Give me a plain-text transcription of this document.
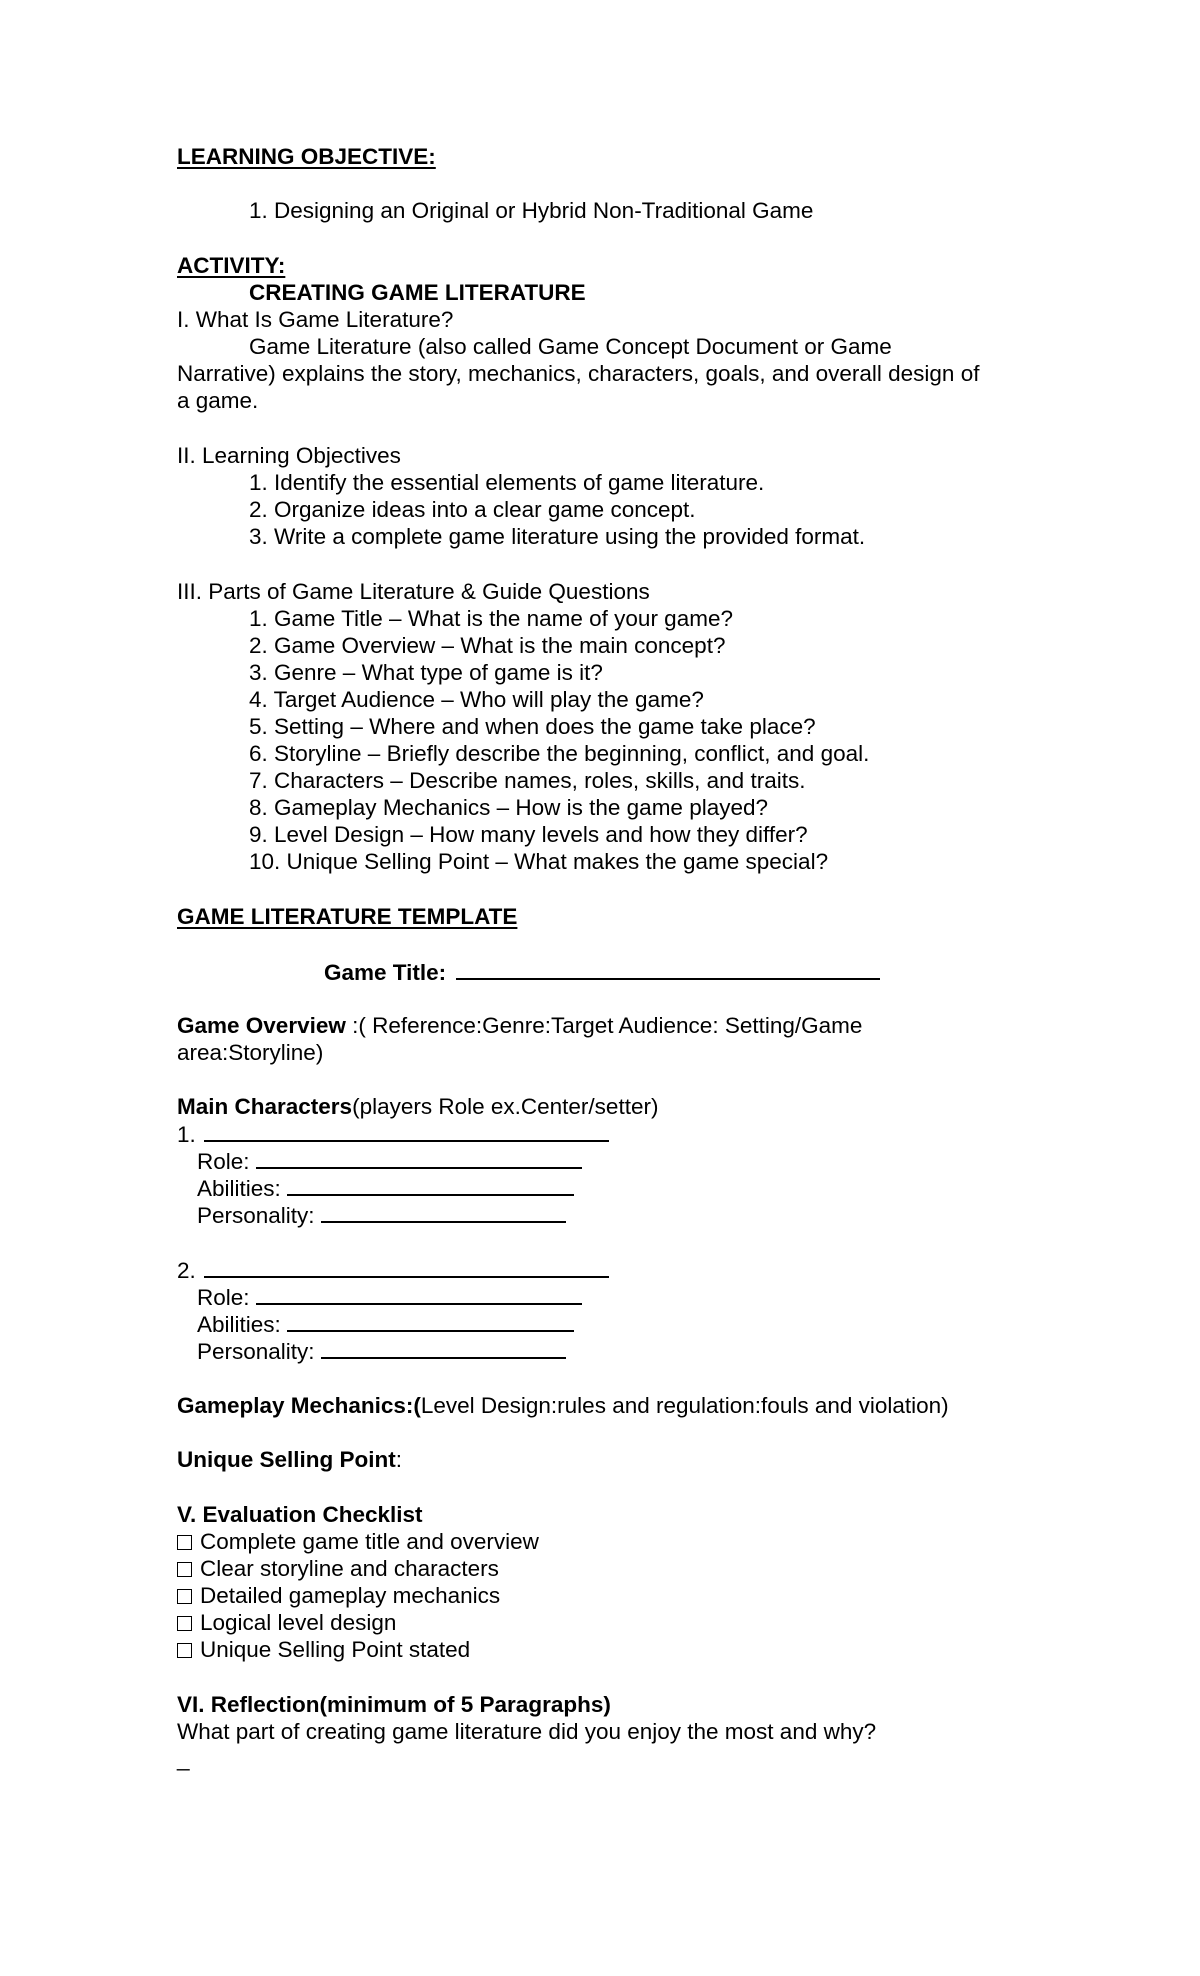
LEARNING OBJECTIVE:
1. Designing an Original or Hybrid Non-Traditional Game
ACTIVITY:
CREATING GAME LITERATURE
I. What Is Game Literature?
Game Literature (also called Game Concept Document or Game
Narrative) explains the story, mechanics, characters, goals, and overall design of
a game.
II. Learning Objectives
1. Identify the essential elements of game literature.
2. Organize ideas into a clear game concept.
3. Write a complete game literature using the provided format.
III. Parts of Game Literature & Guide Questions
1. Game Title – What is the name of your game?
2. Game Overview – What is the main concept?
3. Genre – What type of game is it?
4. Target Audience – Who will play the game?
5. Setting – Where and when does the game take place?
6. Storyline – Briefly describe the beginning, conflict, and goal.
7. Characters – Describe names, roles, skills, and traits.
8. Gameplay Mechanics – How is the game played?
9. Level Design – How many levels and how they differ?
10. Unique Selling Point – What makes the game special?
GAME LITERATURE TEMPLATE
Game Title:
Game Overview :( Reference:Genre:Target Audience: Setting/Game
area:Storyline)
Main Characters(players Role ex.Center/setter)
1.
Role:
Abilities:
Personality:
2.
Role:
Abilities:
Personality:
Gameplay Mechanics:(Level Design:rules and regulation:fouls and violation)
Unique Selling Point:
V. Evaluation Checklist
Complete game title and overview
Clear storyline and characters
Detailed gameplay mechanics
Logical level design
Unique Selling Point stated
VI. Reflection(minimum of 5 Paragraphs)
What part of creating game literature did you enjoy the most and why?
_
